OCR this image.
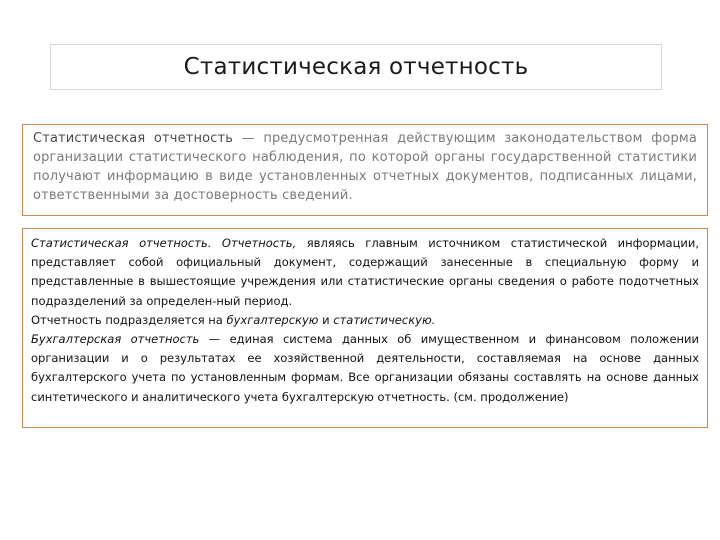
Статистическая отчетность

Статистическая отчетность — предусмотренная действующим законодательством форма организации статистического наблюдения, по которой органы государственной статистики получают информацию в виде установленных отчетных документов, подписанных лицами, ответственными за достоверность сведений.

Статистическая отчетность. Отчетность, являясь главным источником статистической информации, представляет собой официальный документ, содержащий занесенные в специальную форму и представленные в вышестоящие учреждения или статистические органы сведения о работе подотчетных подразделений за определен-ный период.

Отчетность подразделяется на бухгалтерскую и статистическую.

Бухгалтерская отчетность — единая система данных об имущественном и финансовом положении организации и о результатах ее хозяйственной деятельности, составляемая на основе данных бухгалтерского учета по установленным формам. Все организации обязаны составлять на основе данных синтетического и аналитического учета бухгалтерскую отчетность. (см. продолжение)
